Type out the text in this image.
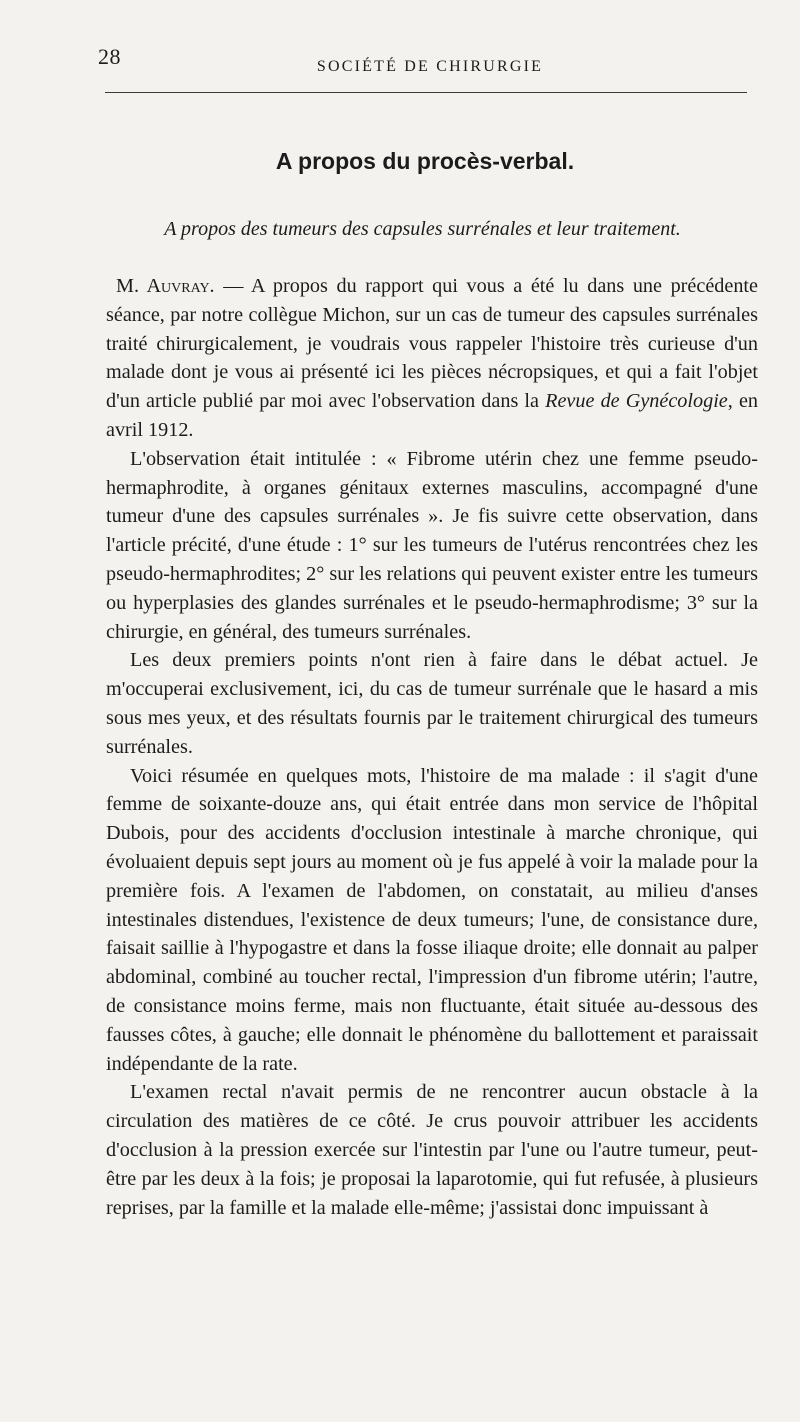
28	SOCIÉTÉ DE CHIRURGIE
A propos du procès-verbal.
A propos des tumeurs des capsules surrénales et leur traitement.

M. Auvray. — A propos du rapport qui vous a été lu dans une précédente séance, par notre collègue Michon, sur un cas de tumeur des capsules surrénales traité chirurgicalement, je voudrais vous rappeler l'histoire très curieuse d'un malade dont je vous ai présenté ici les pièces nécropsiques, et qui a fait l'objet d'un article publié par moi avec l'observation dans la Revue de Gynécologie, en avril 1912.

L'observation était intitulée : « Fibrome utérin chez une femme pseudo-hermaphrodite, à organes génitaux externes masculins, accompagné d'une tumeur d'une des capsules surrénales ». Je fis suivre cette observation, dans l'article précité, d'une étude : 1° sur les tumeurs de l'utérus rencontrées chez les pseudo-hermaphrodites; 2° sur les relations qui peuvent exister entre les tumeurs ou hyperplasies des glandes surrénales et le pseudo-hermaphrodisme; 3° sur la chirurgie, en général, des tumeurs surrénales.

Les deux premiers points n'ont rien à faire dans le débat actuel. Je m'occuperai exclusivement, ici, du cas de tumeur surrénale que le hasard a mis sous mes yeux, et des résultats fournis par le traitement chirurgical des tumeurs surrénales.

Voici résumée en quelques mots, l'histoire de ma malade : il s'agit d'une femme de soixante-douze ans, qui était entrée dans mon service de l'hôpital Dubois, pour des accidents d'occlusion intestinale à marche chronique, qui évoluaient depuis sept jours au moment où je fus appelé à voir la malade pour la première fois. A l'examen de l'abdomen, on constatait, au milieu d'anses intestinales distendues, l'existence de deux tumeurs; l'une, de consistance dure, faisait saillie à l'hypogastre et dans la fosse iliaque droite; elle donnait au palper abdominal, combiné au toucher rectal, l'impression d'un fibrome utérin; l'autre, de consistance moins ferme, mais non fluctuante, était située au-dessous des fausses côtes, à gauche; elle donnait le phénomène du ballottement et paraissait indépendante de la rate.

L'examen rectal n'avait permis de ne rencontrer aucun obstacle à la circulation des matières de ce côté. Je crus pouvoir attribuer les accidents d'occlusion à la pression exercée sur l'intestin par l'une ou l'autre tumeur, peut-être par les deux à la fois; je proposai la laparotomie, qui fut refusée, à plusieurs reprises, par la famille et la malade elle-même; j'assistai donc impuissant à
